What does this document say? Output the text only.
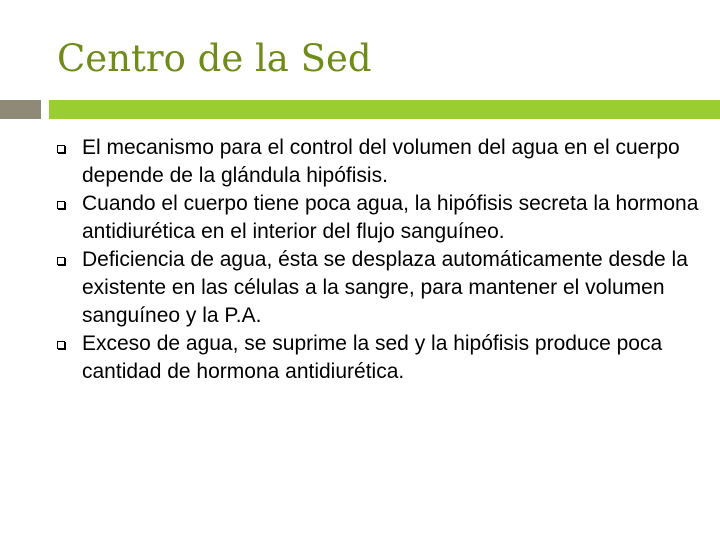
Centro de la Sed
El mecanismo para el control del volumen del agua en el cuerpo depende de la glándula hipófisis.
Cuando el cuerpo tiene poca agua, la hipófisis secreta la hormona antidiurética en el interior del flujo sanguíneo.
Deficiencia de agua, ésta se desplaza automáticamente desde la existente en las células a la sangre, para mantener el volumen sanguíneo y la P.A.
Exceso de agua, se suprime la sed y la hipófisis produce poca cantidad de hormona antidiurética.
